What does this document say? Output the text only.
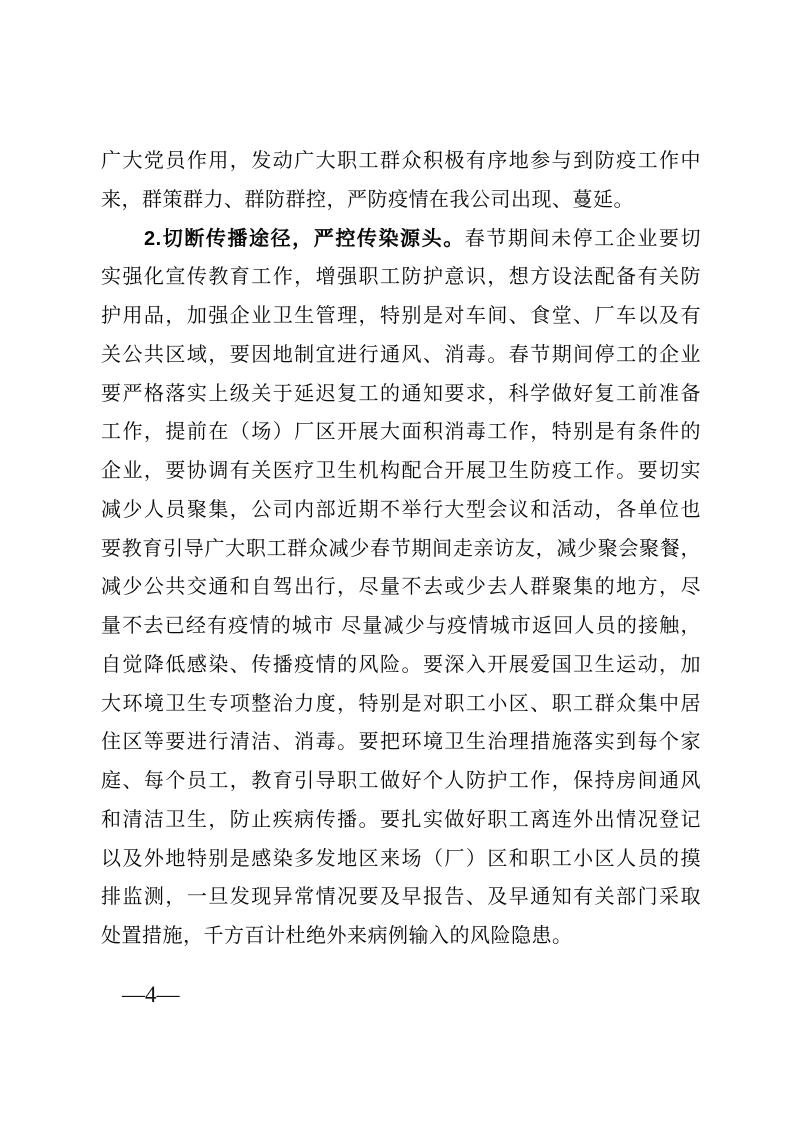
广大党员作用，发动广大职工群众积极有序地参与到防疫工作中
来，群策群力、群防群控，严防疫情在我公司出现、蔓延。
2.切断传播途径，严控传染源头。春节期间未停工企业要切
实强化宣传教育工作，增强职工防护意识，想方设法配备有关防
护用品，加强企业卫生管理，特别是对车间、食堂、厂车以及有
关公共区域，要因地制宜进行通风、消毒。春节期间停工的企业
要严格落实上级关于延迟复工的通知要求，科学做好复工前准备
工作，提前在（场）厂区开展大面积消毒工作，特别是有条件的
企业，要协调有关医疗卫生机构配合开展卫生防疫工作。要切实
减少人员聚集，公司内部近期不举行大型会议和活动，各单位也
要教育引导广大职工群众减少春节期间走亲访友，减少聚会聚餐，
减少公共交通和自驾出行，尽量不去或少去人群聚集的地方，尽
量不去已经有疫情的城市 尽量减少与疫情城市返回人员的接触，
自觉降低感染、传播疫情的风险。要深入开展爱国卫生运动，加
大环境卫生专项整治力度，特别是对职工小区、职工群众集中居
住区等要进行清洁、消毒。要把环境卫生治理措施落实到每个家
庭、每个员工，教育引导职工做好个人防护工作，保持房间通风
和清洁卫生，防止疾病传播。要扎实做好职工离连外出情况登记
以及外地特别是感染多发地区来场（厂）区和职工小区人员的摸
排监测，一旦发现异常情况要及早报告、及早通知有关部门采取
处置措施，千方百计杜绝外来病例输入的风险隐患。
—4—
